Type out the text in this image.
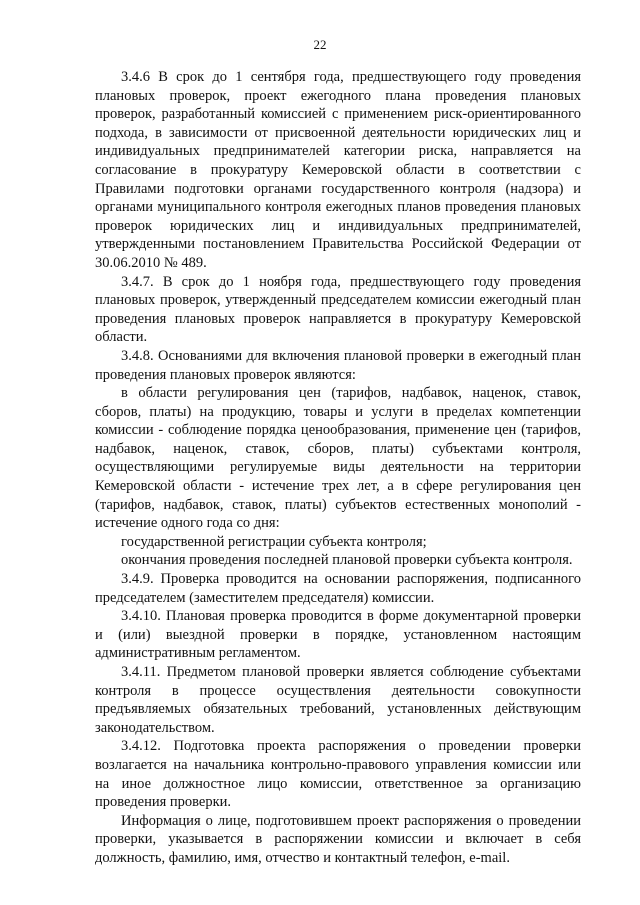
22

3.4.6 В срок до 1 сентября года, предшествующего году проведения плановых проверок, проект ежегодного плана проведения плановых проверок, разработанный комиссией с применением риск-ориентированного подхода, в зависимости от присвоенной деятельности юридических лиц и индивидуальных предпринимателей категории риска, направляется на согласование в прокуратуру Кемеровской области в соответствии с Правилами подготовки органами государственного контроля (надзора) и органами муниципального контроля ежегодных планов проведения плановых проверок юридических лиц и индивидуальных предпринимателей, утвержденными постановлением Правительства Российской Федерации от 30.06.2010 № 489.

3.4.7. В срок до 1 ноября года, предшествующего году проведения плановых проверок, утвержденный председателем комиссии ежегодный план проведения плановых проверок направляется в прокуратуру Кемеровской области.

3.4.8. Основаниями для включения плановой проверки в ежегодный план проведения плановых проверок являются:

в области регулирования цен (тарифов, надбавок, наценок, ставок, сборов, платы) на продукцию, товары и услуги в пределах компетенции комиссии - соблюдение порядка ценообразования, применение цен (тарифов, надбавок, наценок, ставок, сборов, платы) субъектами контроля, осуществляющими регулируемые виды деятельности на территории Кемеровской области - истечение трех лет, а в сфере регулирования цен (тарифов, надбавок, ставок, платы) субъектов естественных монополий - истечение одного года со дня:

государственной регистрации субъекта контроля;

окончания проведения последней плановой проверки субъекта контроля.

3.4.9. Проверка проводится на основании распоряжения, подписанного председателем (заместителем председателя) комиссии.

3.4.10. Плановая проверка проводится в форме документарной проверки и (или) выездной проверки в порядке, установленном настоящим административным регламентом.

3.4.11. Предметом плановой проверки является соблюдение субъектами контроля в процессе осуществления деятельности совокупности предъявляемых обязательных требований, установленных действующим законодательством.

3.4.12. Подготовка проекта распоряжения о проведении проверки возлагается на начальника контрольно-правового управления комиссии или на иное должностное лицо комиссии, ответственное за организацию проведения проверки.

Информация о лице, подготовившем проект распоряжения о проведении проверки, указывается в распоряжении комиссии и включает в себя должность, фамилию, имя, отчество и контактный телефон, e-mail.
